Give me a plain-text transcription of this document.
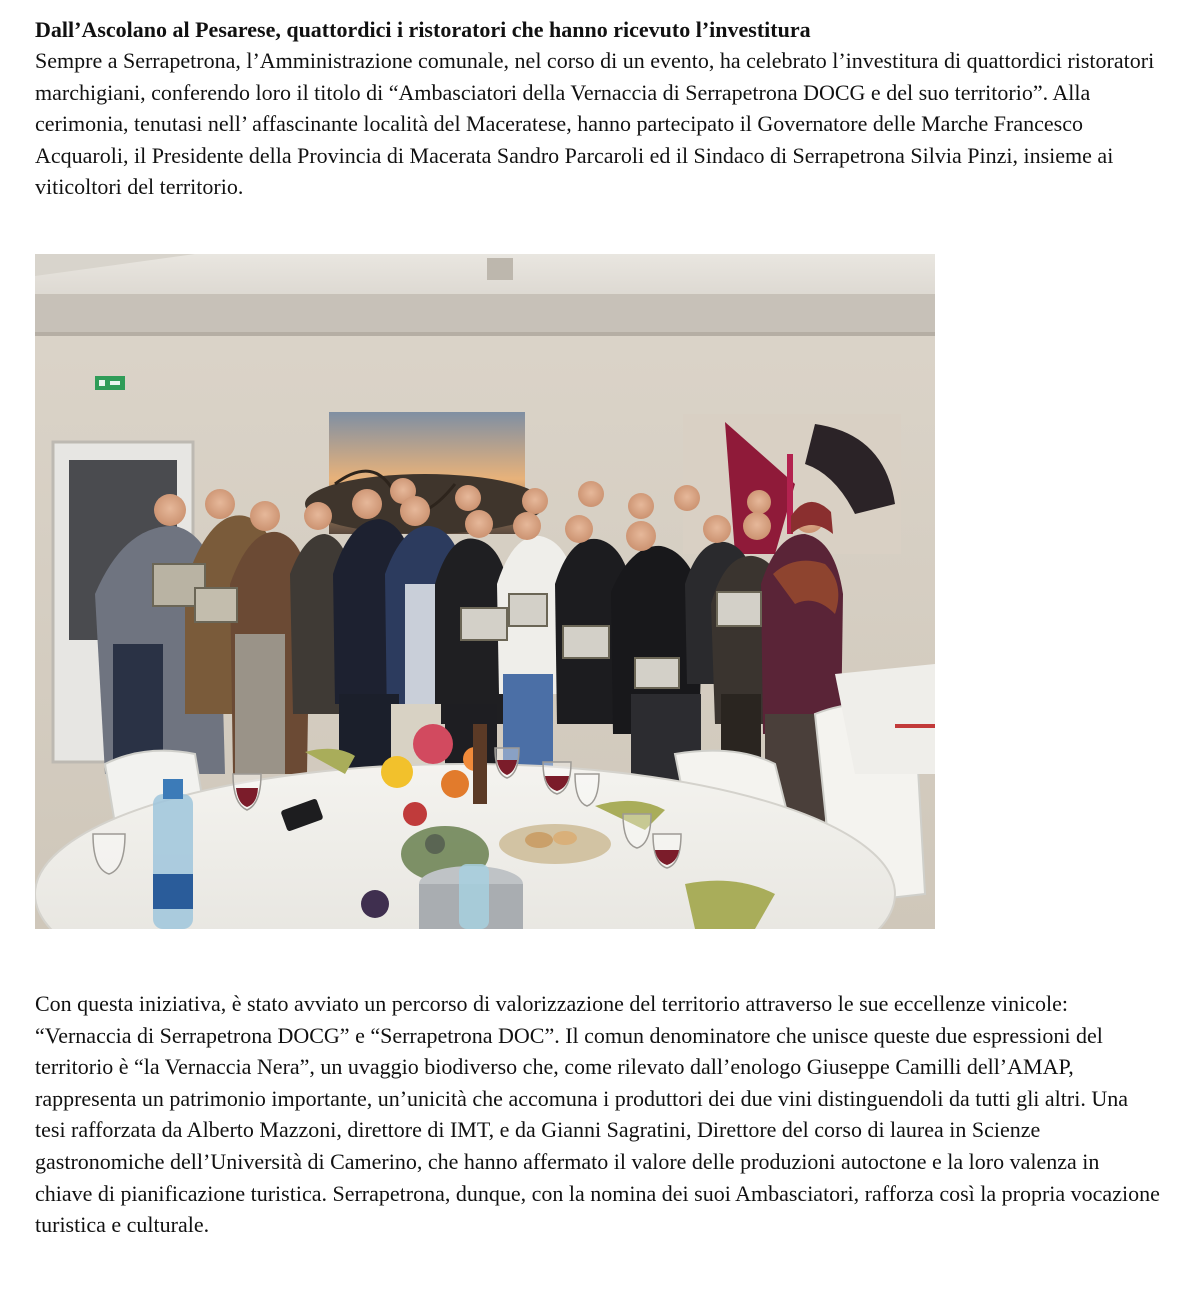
Dall’Ascolano al Pesarese, quattordici i ristoratori che hanno ricevuto l’investitura

Sempre a Serrapetrona, l’Amministrazione comunale, nel corso di un evento, ha celebrato l’investitura di quattordici ristoratori marchigiani, conferendo loro il titolo di “Ambasciatori della Vernaccia di Serrapetrona DOCG e del suo territorio”. Alla cerimonia, tenutasi nell’ affascinante località del Maceratese, hanno partecipato il Governatore delle Marche Francesco Acquaroli, il Presidente della Provincia di Macerata Sandro Parcaroli ed il Sindaco di Serrapetrona Silvia Pinzi, insieme ai viticoltori del territorio.

Con questa iniziativa, è stato avviato un percorso di valorizzazione del territorio attraverso le sue eccellenze vinicole: “Vernaccia di Serrapetrona DOCG” e “Serrapetrona DOC”. Il comun denominatore che unisce queste due espressioni del territorio è “la Vernaccia Nera”, un uvaggio biodiverso che, come rilevato dall’enologo Giuseppe Camilli dell’AMAP, rappresenta un patrimonio importante, un’unicità che accomuna i produttori dei due vini distinguendoli da tutti gli altri. Una tesi rafforzata da Alberto Mazzoni, direttore di IMT, e da Gianni Sagratini, Direttore del corso di laurea in Scienze gastronomiche dell’Università di Camerino, che hanno affermato il valore delle produzioni autoctone e la loro valenza in chiave di pianificazione turistica. Serrapetrona, dunque, con la nomina dei suoi Ambasciatori, rafforza così la propria vocazione turistica e culturale.
